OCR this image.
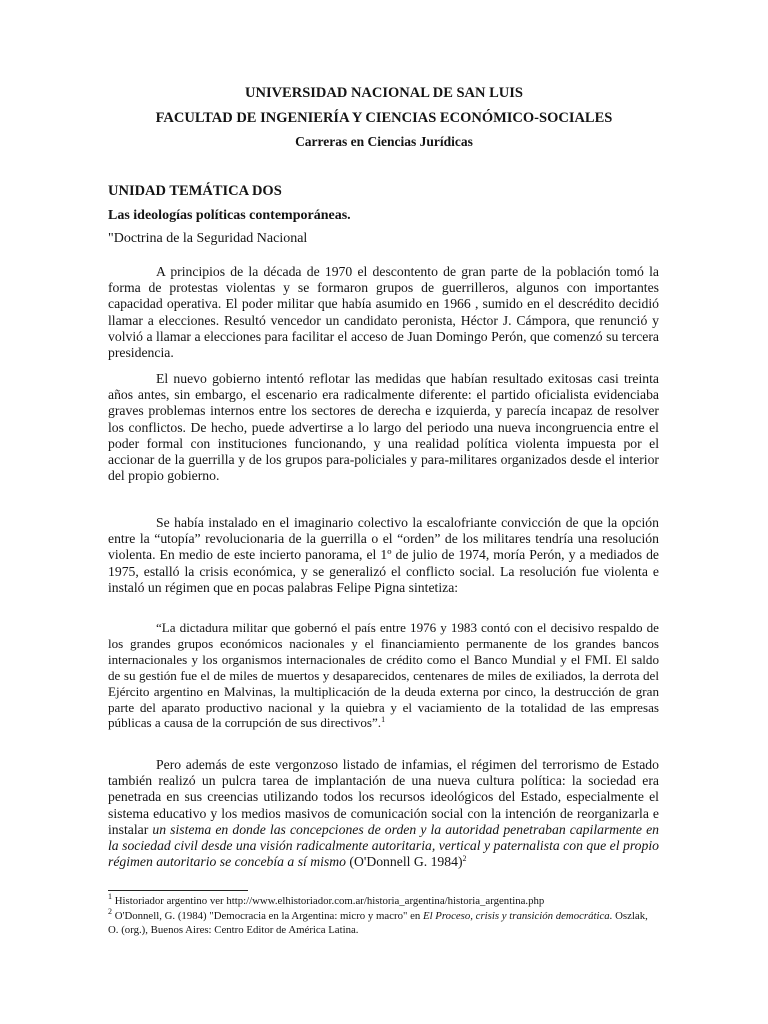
UNIVERSIDAD NACIONAL DE SAN LUIS

FACULTAD DE INGENIERÍA Y CIENCIAS ECONÓMICO-SOCIALES

Carreras en Ciencias Jurídicas

UNIDAD TEMÁTICA DOS
Las ideologías políticas contemporáneas.
"Doctrina de la Seguridad Nacional

A principios de la década de 1970 el descontento de gran parte de la población tomó la forma de protestas violentas y se formaron grupos de guerrilleros, algunos con importantes capacidad operativa. El poder militar que había asumido en 1966 , sumido en el descrédito decidió llamar a elecciones. Resultó vencedor un candidato peronista, Héctor J. Cámpora, que renunció y volvió a llamar a elecciones para facilitar el acceso de Juan Domingo Perón, que comenzó su tercera presidencia.

El nuevo gobierno intentó reflotar las medidas que habían resultado exitosas casi treinta años antes, sin embargo, el escenario era radicalmente diferente: el partido oficialista evidenciaba graves problemas internos entre los sectores de derecha e izquierda, y parecía incapaz de resolver los conflictos. De hecho, puede advertirse a lo largo del periodo una nueva incongruencia entre el poder formal con instituciones funcionando, y una realidad política violenta impuesta por el accionar de la guerrilla y de los grupos para-policiales y para-militares organizados desde el interior del propio gobierno.

Se había instalado en el imaginario colectivo la escalofriante convicción de que la opción entre la “utopía” revolucionaria de la guerrilla o el “orden” de los militares tendría una resolución violenta. En medio de este incierto panorama, el 1º de julio de 1974, moría Perón, y a mediados de 1975, estalló la crisis económica, y se generalizó el conflicto social. La resolución fue violenta e instaló un régimen que en pocas palabras Felipe Pigna sintetiza:

“La dictadura militar que gobernó el país entre 1976 y 1983 contó con el decisivo respaldo de los grandes grupos económicos nacionales y el financiamiento permanente de los grandes bancos internacionales y los organismos internacionales de crédito como el Banco Mundial y el FMI. El saldo de su gestión fue el de miles de muertos y desaparecidos, centenares de miles de exiliados, la derrota del Ejército argentino en Malvinas, la multiplicación de la deuda externa por cinco, la destrucción de gran parte del aparato productivo nacional y la quiebra y el vaciamiento de la totalidad de las empresas públicas a causa de la corrupción de sus directivos”.$^1$

Pero además de este vergonzoso listado de infamias, el régimen del terrorismo de Estado también realizó un pulcra tarea de implantación de una nueva cultura política: la sociedad era penetrada en sus creencias utilizando todos los recursos ideológicos del Estado, especialmente el sistema educativo y los medios masivos de comunicación social con la intención de reorganizarla e instalar un sistema en donde las concepciones de orden y la autoridad penetraban capilarmente en la sociedad civil desde una visión radicalmente autoritaria, vertical y paternalista con que el propio régimen autoritario se concebía a sí mismo (O'Donnell G. 1984)$^2$

$^1$ Historiador argentino ver http://www.elhistoriador.com.ar/historia_argentina/historia_argentina.php

$^2$ O'Donnell, G. (1984) "Democracia en la Argentina: micro y macro" en El Proceso, crisis y transición democrática. Oszlak, O. (org.), Buenos Aires: Centro Editor de América Latina.
